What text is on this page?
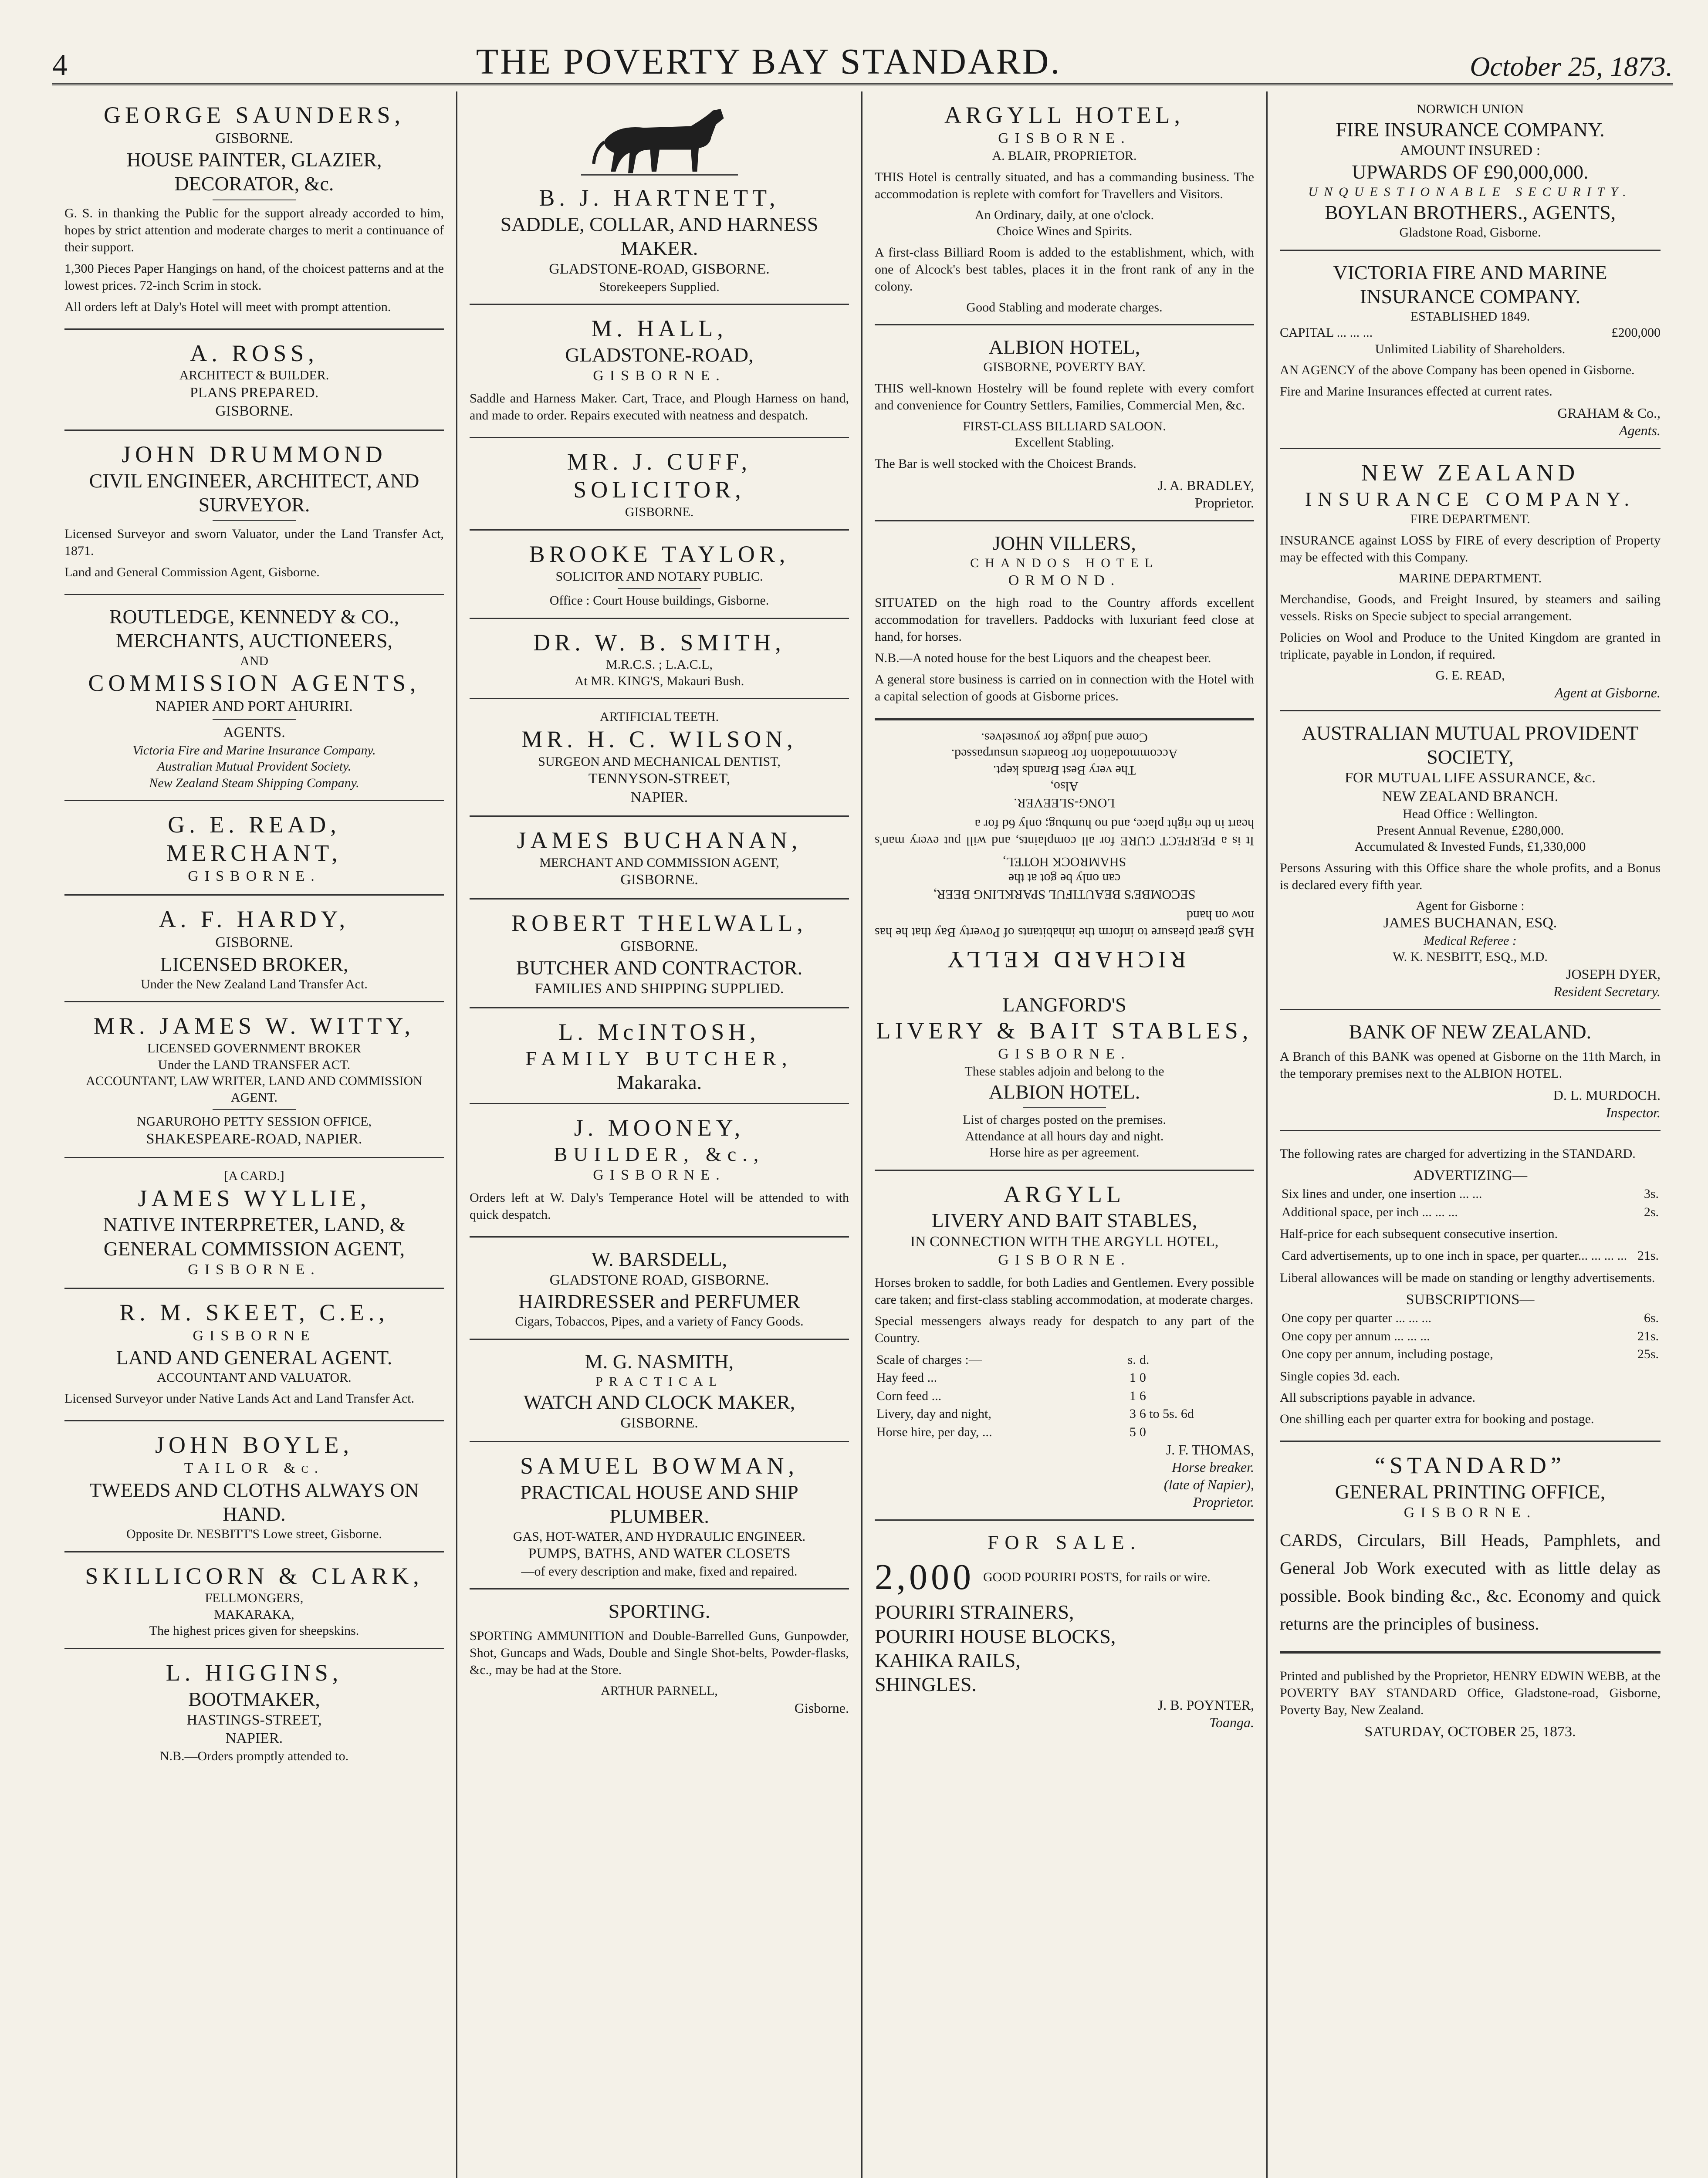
4	THE POVERTY BAY STANDARD.	October 25, 1873.
GEORGE SAUNDERS,
GISBORNE.
HOUSE PAINTER, GLAZIER, DECORATOR, &c.
G. S. in thanking the Public for the support already accorded to him, hopes by strict attention and moderate charges to merit a continuance of their support.
1,300 Pieces Paper Hangings on hand, of the choicest patterns and at the lowest prices. 72-inch Scrim in stock.
All orders left at Daly's Hotel will meet with prompt attention.
A. ROSS,
ARCHITECT & BUILDER.
PLANS PREPARED.
GISBORNE.
JOHN DRUMMOND
CIVIL ENGINEER, ARCHITECT, AND SURVEYOR.
Licensed Surveyor and sworn Valuator, under the Land Transfer Act, 1871.
Land and General Commission Agent, Gisborne.
ROUTLEDGE, KENNEDY & CO.,
MERCHANTS, AUCTIONEERS,
AND
COMMISSION AGENTS,
NAPIER AND PORT AHURIRI.
AGENTS.
Victoria Fire and Marine Insurance Company.
Australian Mutual Provident Society.
New Zealand Steam Shipping Company.
G. E. READ,
MERCHANT,
GISBORNE.
A. F. HARDY,
GISBORNE.
LICENSED BROKER,
Under the New Zealand Land Transfer Act.
MR. JAMES W. WITTY,
LICENSED GOVERNMENT BROKER
Under the LAND TRANSFER ACT.
ACCOUNTANT, LAW WRITER, LAND AND COMMISSION AGENT.
NGARUROHO PETTY SESSION OFFICE,
SHAKESPEARE-ROAD, NAPIER.
[A CARD.]
JAMES WYLLIE,
NATIVE INTERPRETER, LAND, & GENERAL COMMISSION AGENT,
GISBORNE.
R. M. SKEET, C.E.,
GISBORNE
LAND AND GENERAL AGENT.
ACCOUNTANT AND VALUATOR.
Licensed Surveyor under Native Lands Act and Land Transfer Act.
JOHN BOYLE,
TAILOR &c.
TWEEDS AND CLOTHS ALWAYS ON HAND.
Opposite Dr. NESBITT'S Lowe street, Gisborne.
SKILLICORN & CLARK,
FELLMONGERS,
MAKARAKA,
The highest prices given for sheepskins.
L. HIGGINS,
BOOTMAKER,
HASTINGS-STREET,
NAPIER.
N.B.—Orders promptly attended to.
B. J. HARTNETT,
SADDLE, COLLAR, AND HARNESS MAKER.
GLADSTONE-ROAD, GISBORNE.
Storekeepers Supplied.
M. HALL,
GLADSTONE-ROAD,
GISBORNE.
Saddle and Harness Maker. Cart, Trace, and Plough Harness on hand, and made to order. Repairs executed with neatness and despatch.
MR. J. CUFF,
SOLICITOR,
GISBORNE.
BROOKE TAYLOR,
SOLICITOR AND NOTARY PUBLIC.
Office : Court House buildings, Gisborne.
DR. W. B. SMITH,
M.R.C.S. ; L.A.C.L,
At MR. KING'S, Makauri Bush.
ARTIFICIAL TEETH.
MR. H. C. WILSON,
SURGEON AND MECHANICAL DENTIST,
TENNYSON-STREET,
NAPIER.
JAMES BUCHANAN,
MERCHANT AND COMMISSION AGENT,
GISBORNE.
ROBERT THELWALL,
GISBORNE.
BUTCHER AND CONTRACTOR.
FAMILIES AND SHIPPING SUPPLIED.
L. McINTOSH,
FAMILY BUTCHER,
Makaraka.
J. MOONEY,
BUILDER, &c.,
GISBORNE.
Orders left at W. Daly's Temperance Hotel will be attended to with quick despatch.
W. BARSDELL,
GLADSTONE ROAD, GISBORNE.
HAIRDRESSER and PERFUMER
Cigars, Tobaccos, Pipes, and a variety of Fancy Goods.
M. G. NASMITH,
PRACTICAL
WATCH AND CLOCK MAKER,
GISBORNE.
SAMUEL BOWMAN,
PRACTICAL HOUSE AND SHIP PLUMBER.
GAS, HOT-WATER, AND HYDRAULIC ENGINEER.
PUMPS, BATHS, AND WATER CLOSETS
—of every description and make, fixed and repaired.
SPORTING.
SPORTING AMMUNITION and Double-Barrelled Guns, Gunpowder, Shot, Guncaps and Wads, Double and Single Shot-belts, Powder-flasks, &c., may be had at the Store.
ARTHUR PARNELL,
Gisborne.
ARGYLL HOTEL,
GISBORNE.
A. BLAIR, PROPRIETOR.
THIS Hotel is centrally situated, and has a commanding business. The accommodation is replete with comfort for Travellers and Visitors.
An Ordinary, daily, at one o'clock.
Choice Wines and Spirits.
A first-class Billiard Room is added to the establishment, which, with one of Alcock's best tables, places it in the front rank of any in the colony.
Good Stabling and moderate charges.
ALBION HOTEL,
GISBORNE, POVERTY BAY.
THIS well-known Hostelry will be found replete with every comfort and convenience for Country Settlers, Families, Commercial Men, &c.
FIRST-CLASS BILLIARD SALOON.
Excellent Stabling.
The Bar is well stocked with the Choicest Brands.
J. A. BRADLEY,
Proprietor.
JOHN VILLERS,
CHANDOS HOTEL
ORMOND.
SITUATED on the high road to the Country affords excellent accommodation for travellers. Paddocks with luxuriant feed close at hand, for horses.
N.B.—A noted house for the best Liquors and the cheapest beer.
A general store business is carried on in connection with the Hotel with a capital selection of goods at Gisborne prices.
RICHARD KELLY
HAS great pleasure to inform the inhabitants of Poverty Bay that he has now on hand
SECOMBE'S BEAUTIFUL SPARKLING BEER,
can only be got at the
SHAMROCK HOTEL,
It is a PERFECT CURE for all complaints, and will put every man's heart in the right place, and no humbug; only 6d for a
LONG-SLEEVER.
Also,
The very Best Brands kept.
Accommodation for Boarders unsurpassed.
Come and judge for yourselves.
LANGFORD'S
LIVERY & BAIT STABLES,
GISBORNE.
These stables adjoin and belong to the
ALBION HOTEL.
List of charges posted on the premises.
Attendance at all hours day and night.
Horse hire as per agreement.
ARGYLL
LIVERY AND BAIT STABLES,
IN CONNECTION WITH THE ARGYLL HOTEL,
GISBORNE.
Horses broken to saddle, for both Ladies and Gentlemen. Every possible care taken; and first-class stabling accommodation, at moderate charges.
Special messengers always ready for despatch to any part of the Country.
Scale of charges :—	s.	d.
Hay feed ...	1	0
Corn feed ...	1	6
Livery, day and night,	3	6 to 5s. 6d
Horse hire, per day, ...	5	0
J. F. THOMAS,
Horse breaker.
(late of Napier),
Proprietor.
FOR SALE.
2,000 GOOD POURIRI POSTS, for rails or wire.
POURIRI STRAINERS,
POURIRI HOUSE BLOCKS,
KAHIKA RAILS,
SHINGLES.
J. B. POYNTER,
Toanga.
NORWICH UNION
FIRE INSURANCE COMPANY.
AMOUNT INSURED :
UPWARDS OF £90,000,000.
UNQUESTIONABLE SECURITY.
BOYLAN BROTHERS., AGENTS,
Gladstone Road, Gisborne.
VICTORIA FIRE AND MARINE INSURANCE COMPANY.
ESTABLISHED 1849.
CAPITAL ... ... ...	£200,000
Unlimited Liability of Shareholders.
AN AGENCY of the above Company has been opened in Gisborne.
Fire and Marine Insurances effected at current rates.
GRAHAM & Co.,
Agents.
NEW ZEALAND
INSURANCE COMPANY.
FIRE DEPARTMENT.
INSURANCE against LOSS by FIRE of every description of Property may be effected with this Company.
MARINE DEPARTMENT.
Merchandise, Goods, and Freight Insured, by steamers and sailing vessels. Risks on Specie subject to special arrangement.
Policies on Wool and Produce to the United Kingdom are granted in triplicate, payable in London, if required.
G. E. READ,
Agent at Gisborne.
AUSTRALIAN MUTUAL PROVIDENT SOCIETY,
FOR MUTUAL LIFE ASSURANCE, &c.
NEW ZEALAND BRANCH.
Head Office : Wellington.
Present Annual Revenue, £280,000.
Accumulated & Invested Funds, £1,330,000
Persons Assuring with this Office share the whole profits, and a Bonus is declared every fifth year.
Agent for Gisborne :
JAMES BUCHANAN, ESQ.
Medical Referee :
W. K. NESBITT, ESQ., M.D.
JOSEPH DYER,
Resident Secretary.
BANK OF NEW ZEALAND.
A Branch of this BANK was opened at Gisborne on the 11th March, in the temporary premises next to the ALBION HOTEL.
D. L. MURDOCH.
Inspector.
The following rates are charged for advertizing in the STANDARD.
ADVERTIZING—
Six lines and under, one insertion ... ...	3s.
Additional space, per inch ... ... ...	2s.
Half-price for each subsequent consecutive insertion.
Card advertisements, up to one inch in space, per quarter... ... ... ...	21s.
Liberal allowances will be made on standing or lengthy advertisements.
SUBSCRIPTIONS—
One copy per quarter ... ... ...	6s.
One copy per annum ... ... ...	21s.
One copy per annum, including postage,	25s.
Single copies 3d. each.
All subscriptions payable in advance.
One shilling each per quarter extra for booking and postage.
“STANDARD”
GENERAL PRINTING OFFICE,
GISBORNE.
CARDS, Circulars, Bill Heads, Pamphlets, and General Job Work executed with as little delay as possible. Book binding &c., &c. Economy and quick returns are the principles of business.
Printed and published by the Proprietor, HENRY EDWIN WEBB, at the POVERTY BAY STANDARD Office, Gladstone-road, Gisborne, Poverty Bay, New Zealand.
SATURDAY, OCTOBER 25, 1873.
